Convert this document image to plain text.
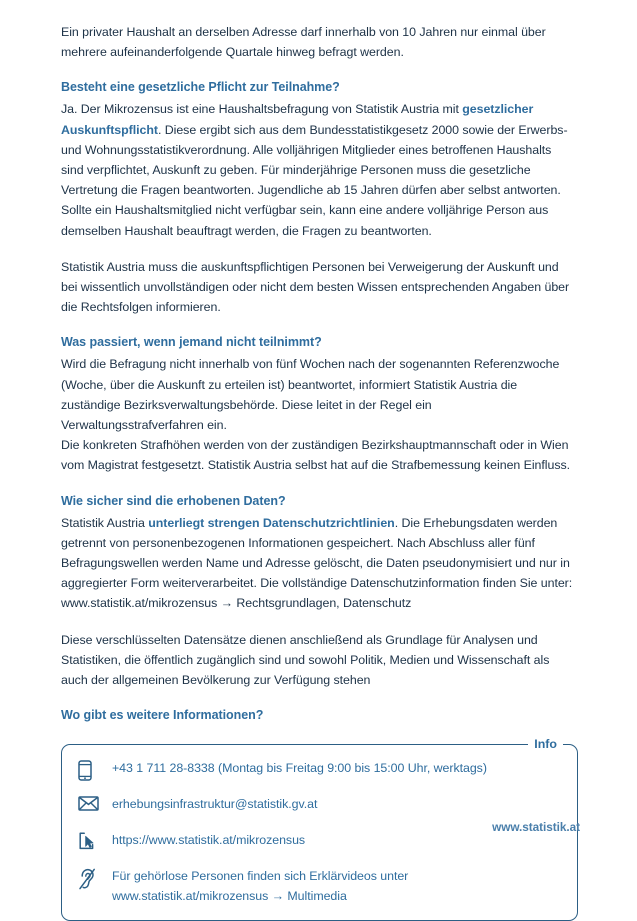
Ein privater Haushalt an derselben Adresse darf innerhalb von 10 Jahren nur einmal über mehrere aufeinanderfolgende Quartale hinweg befragt werden.

Besteht eine gesetzliche Pflicht zur Teilnahme?

Ja. Der Mikrozensus ist eine Haushaltsbefragung von Statistik Austria mit gesetzlicher Auskunftspflicht. Diese ergibt sich aus dem Bundesstatistikgesetz 2000 sowie der Erwerbs- und Wohnungsstatistikverordnung. Alle volljährigen Mitglieder eines betroffenen Haushalts sind verpflichtet, Auskunft zu geben. Für minderjährige Personen muss die gesetzliche Vertretung die Fragen beantworten. Jugendliche ab 15 Jahren dürfen aber selbst antworten. Sollte ein Haushaltsmitglied nicht verfügbar sein, kann eine andere volljährige Person aus demselben Haushalt beauftragt werden, die Fragen zu beantworten.

Statistik Austria muss die auskunftspflichtigen Personen bei Verweigerung der Auskunft und bei wissentlich unvollständigen oder nicht dem besten Wissen entsprechenden Angaben über die Rechtsfolgen informieren.

Was passiert, wenn jemand nicht teilnimmt?

Wird die Befragung nicht innerhalb von fünf Wochen nach der sogenannten Referenzwoche (Woche, über die Auskunft zu erteilen ist) beantwortet, informiert Statistik Austria die zuständige Bezirksverwaltungsbehörde. Diese leitet in der Regel ein Verwaltungsstrafverfahren ein.

Die konkreten Strafhöhen werden von der zuständigen Bezirkshauptmannschaft oder in Wien vom Magistrat festgesetzt. Statistik Austria selbst hat auf die Strafbemessung keinen Einfluss.

Wie sicher sind die erhobenen Daten?

Statistik Austria unterliegt strengen Datenschutzrichtlinien. Die Erhebungsdaten werden getrennt von personenbezogenen Informationen gespeichert. Nach Abschluss aller fünf Befragungswellen werden Name und Adresse gelöscht, die Daten pseudonymisiert und nur in aggregierter Form weiterverarbeitet. Die vollständige Datenschutzinformation finden Sie unter: www.statistik.at/mikrozensus → Rechtsgrundlagen, Datenschutz

Diese verschlüsselten Datensätze dienen anschließend als Grundlage für Analysen und Statistiken, die öffentlich zugänglich sind und sowohl Politik, Medien und Wissenschaft als auch der allgemeinen Bevölkerung zur Verfügung stehen

Wo gibt es weitere Informationen?
Info
+43 1 711 28-8338 (Montag bis Freitag 9:00 bis 15:00 Uhr, werktags)
erhebungsinfrastruktur@statistik.gv.at
https://www.statistik.at/mikrozensus
Für gehörlose Personen finden sich Erklärvideos unter
www.statistik.at/mikrozensus → Multimedia
www.statistik.at
